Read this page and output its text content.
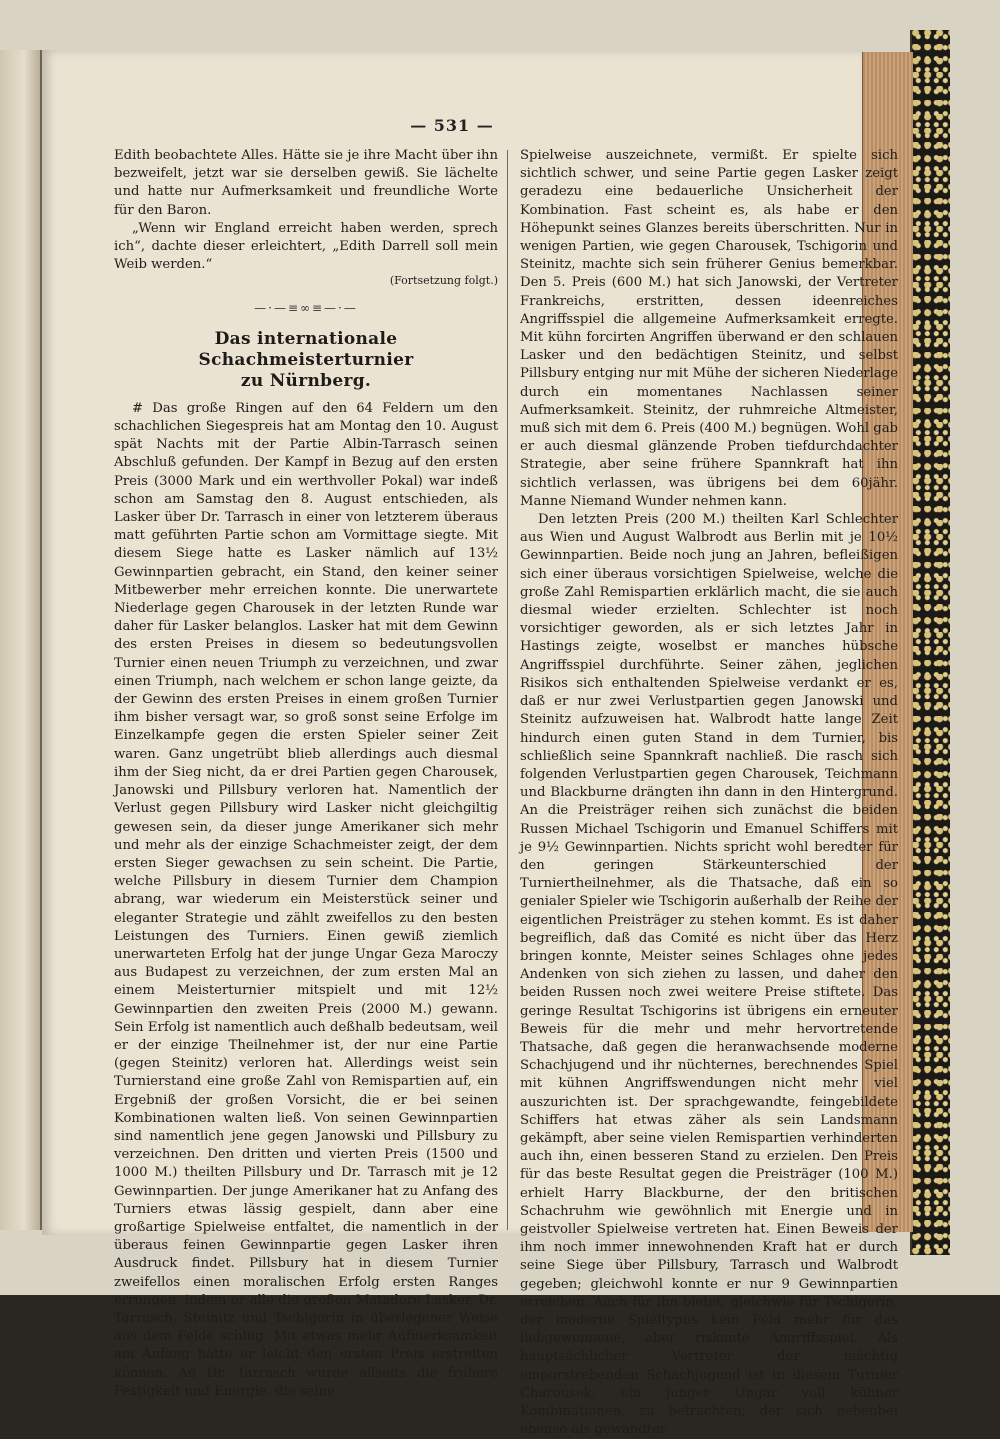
— 531 —

Edith beobachtete Alles. Hätte sie je ihre Macht über ihn bezweifelt, jetzt war sie derselben gewiß. Sie lächelte und hatte nur Aufmerksamkeit und freundliche Worte für den Baron.

„Wenn wir England erreicht haben werden, sprech ich“, dachte dieser erleichtert, „Edith Darrell soll mein Weib werden.“

(Fortsetzung folgt.)
—·—≡∞≡—·—
Das internationale Schachmeisterturnier
zu Nürnberg.

# Das große Ringen auf den 64 Feldern um den schachlichen Siegespreis hat am Montag den 10. August spät Nachts mit der Partie Albin-Tarrasch seinen Abschluß gefunden. Der Kampf in Bezug auf den ersten Preis (3000 Mark und ein werthvoller Pokal) war indeß schon am Samstag den 8. August entschieden, als Lasker über Dr. Tarrasch in einer von letzterem überaus matt geführten Partie schon am Vormittage siegte. Mit diesem Siege hatte es Lasker nämlich auf 13½ Gewinnpartien gebracht, ein Stand, den keiner seiner Mitbewerber mehr erreichen konnte. Die unerwartete Niederlage gegen Charousek in der letzten Runde war daher für Lasker belanglos. Lasker hat mit dem Gewinn des ersten Preises in diesem so bedeutungsvollen Turnier einen neuen Triumph zu verzeichnen, und zwar einen Triumph, nach welchem er schon lange geizte, da der Gewinn des ersten Preises in einem großen Turnier ihm bisher versagt war, so groß sonst seine Erfolge im Einzelkampfe gegen die ersten Spieler seiner Zeit waren. Ganz ungetrübt blieb allerdings auch diesmal ihm der Sieg nicht, da er drei Partien gegen Charousek, Janowski und Pillsbury verloren hat. Namentlich der Verlust gegen Pillsbury wird Lasker nicht gleichgiltig gewesen sein, da dieser junge Amerikaner sich mehr und mehr als der einzige Schachmeister zeigt, der dem ersten Sieger gewachsen zu sein scheint. Die Partie, welche Pillsbury in diesem Turnier dem Champion abrang, war wiederum ein Meisterstück seiner und eleganter Strategie und zählt zweifellos zu den besten Leistungen des Turniers. Einen gewiß ziemlich unerwarteten Erfolg hat der junge Ungar Geza Maroczy aus Budapest zu verzeichnen, der zum ersten Mal an einem Meisterturnier mitspielt und mit 12½ Gewinnpartien den zweiten Preis (2000 M.) gewann. Sein Erfolg ist namentlich auch deßhalb bedeutsam, weil er der einzige Theilnehmer ist, der nur eine Partie (gegen Steinitz) verloren hat. Allerdings weist sein Turnierstand eine große Zahl von Remispartien auf, ein Ergebniß der großen Vorsicht, die er bei seinen Kombinationen walten ließ. Von seinen Gewinnpartien sind namentlich jene gegen Janowski und Pillsbury zu verzeichnen. Den dritten und vierten Preis (1500 und 1000 M.) theilten Pillsbury und Dr. Tarrasch mit je 12 Gewinnpartien. Der junge Amerikaner hat zu Anfang des Turniers etwas lässig gespielt, dann aber eine großartige Spielweise entfaltet, die namentlich in der überaus feinen Gewinnpartie gegen Lasker ihren Ausdruck findet. Pillsbury hat in diesem Turnier zweifellos einen moralischen Erfolg ersten Ranges errungen, indem er alle die großen Matadore Lasker, Dr. Tarrasch, Steinitz und Tschigorin in überlegener Weise aus dem Felde schlug. Mit etwas mehr Aufmerksamkeit am Anfang hätte er leicht den ersten Preis erstreiten können. An Dr. Tarrasch wurde allseits die frühere Festigkeit und Energie, die seine

Spielweise auszeichnete, vermißt. Er spielte sich sichtlich schwer, und seine Partie gegen Lasker zeigt geradezu eine bedauerliche Unsicherheit der Kombination. Fast scheint es, als habe er den Höhepunkt seines Glanzes bereits überschritten. Nur in wenigen Partien, wie gegen Charousek, Tschigorin und Steinitz, machte sich sein früherer Genius bemerkbar. Den 5. Preis (600 M.) hat sich Janowski, der Vertreter Frankreichs, erstritten, dessen ideenreiches Angriffsspiel die allgemeine Aufmerksamkeit erregte. Mit kühn forcirten Angriffen überwand er den schlauen Lasker und den bedächtigen Steinitz, und selbst Pillsbury entging nur mit Mühe der sicheren Niederlage durch ein momentanes Nachlassen seiner Aufmerksamkeit. Steinitz, der ruhmreiche Altmeister, muß sich mit dem 6. Preis (400 M.) begnügen. Wohl gab er auch diesmal glänzende Proben tiefdurchdachter Strategie, aber seine frühere Spannkraft hat ihn sichtlich verlassen, was übrigens bei dem 60jähr. Manne Niemand Wunder nehmen kann.

Den letzten Preis (200 M.) theilten Karl Schlechter aus Wien und August Walbrodt aus Berlin mit je 10½ Gewinnpartien. Beide noch jung an Jahren, befleißigen sich einer überaus vorsichtigen Spielweise, welche die große Zahl Remispartien erklärlich macht, die sie auch diesmal wieder erzielten. Schlechter ist noch vorsichtiger geworden, als er sich letztes Jahr in Hastings zeigte, woselbst er manches hübsche Angriffsspiel durchführte. Seiner zähen, jeglichen Risikos sich enthaltenden Spielweise verdankt er es, daß er nur zwei Verlustpartien gegen Janowski und Steinitz aufzuweisen hat. Walbrodt hatte lange Zeit hindurch einen guten Stand in dem Turnier, bis schließlich seine Spannkraft nachließ. Die rasch sich folgenden Verlustpartien gegen Charousek, Teichmann und Blackburne drängten ihn dann in den Hintergrund. An die Preisträger reihen sich zunächst die beiden Russen Michael Tschigorin und Emanuel Schiffers mit je 9½ Gewinnpartien. Nichts spricht wohl beredter für den geringen Stärkeunterschied der Turniertheilnehmer, als die Thatsache, daß ein so genialer Spieler wie Tschigorin außerhalb der Reihe der eigentlichen Preisträger zu stehen kommt. Es ist daher begreiflich, daß das Comité es nicht über das Herz bringen konnte, Meister seines Schlages ohne jedes Andenken von sich ziehen zu lassen, und daher den beiden Russen noch zwei weitere Preise stiftete. Das geringe Resultat Tschigorins ist übrigens ein erneuter Beweis für die mehr und mehr hervortretende Thatsache, daß gegen die heranwachsende moderne Schachjugend und ihr nüchternes, berechnendes Spiel mit kühnen Angriffswendungen nicht mehr viel auszurichten ist. Der sprachgewandte, feingebildete Schiffers hat etwas zäher als sein Landsmann gekämpft, aber seine vielen Remispartien verhinderten auch ihn, einen besseren Stand zu erzielen. Den Preis für das beste Resultat gegen die Preisträger (100 M.) erhielt Harry Blackburne, der den britischen Schachruhm wie gewöhnlich mit Energie und in geistvoller Spielweise vertreten hat. Einen Beweis der ihm noch immer innewohnenden Kraft hat er durch seine Siege über Pillsbury, Tarrasch und Walbrodt gegeben; gleichwohl konnte er nur 9 Gewinnpartien erreichen. Auch für ihn bietet, gleichwie für Tschigorin, der moderne Spieltypus kein Feld mehr für das liebgewonnene, aber riskante Angriffsspiel. Als hauptsächlicher Vertreter der mächtig emporstrebenden Schachjugend ist in diesem Turnier Charousek, ein junger Ungar voll kühner Kombinationen, zu betrachten, der sich nebenbei ebenso als gewandter
